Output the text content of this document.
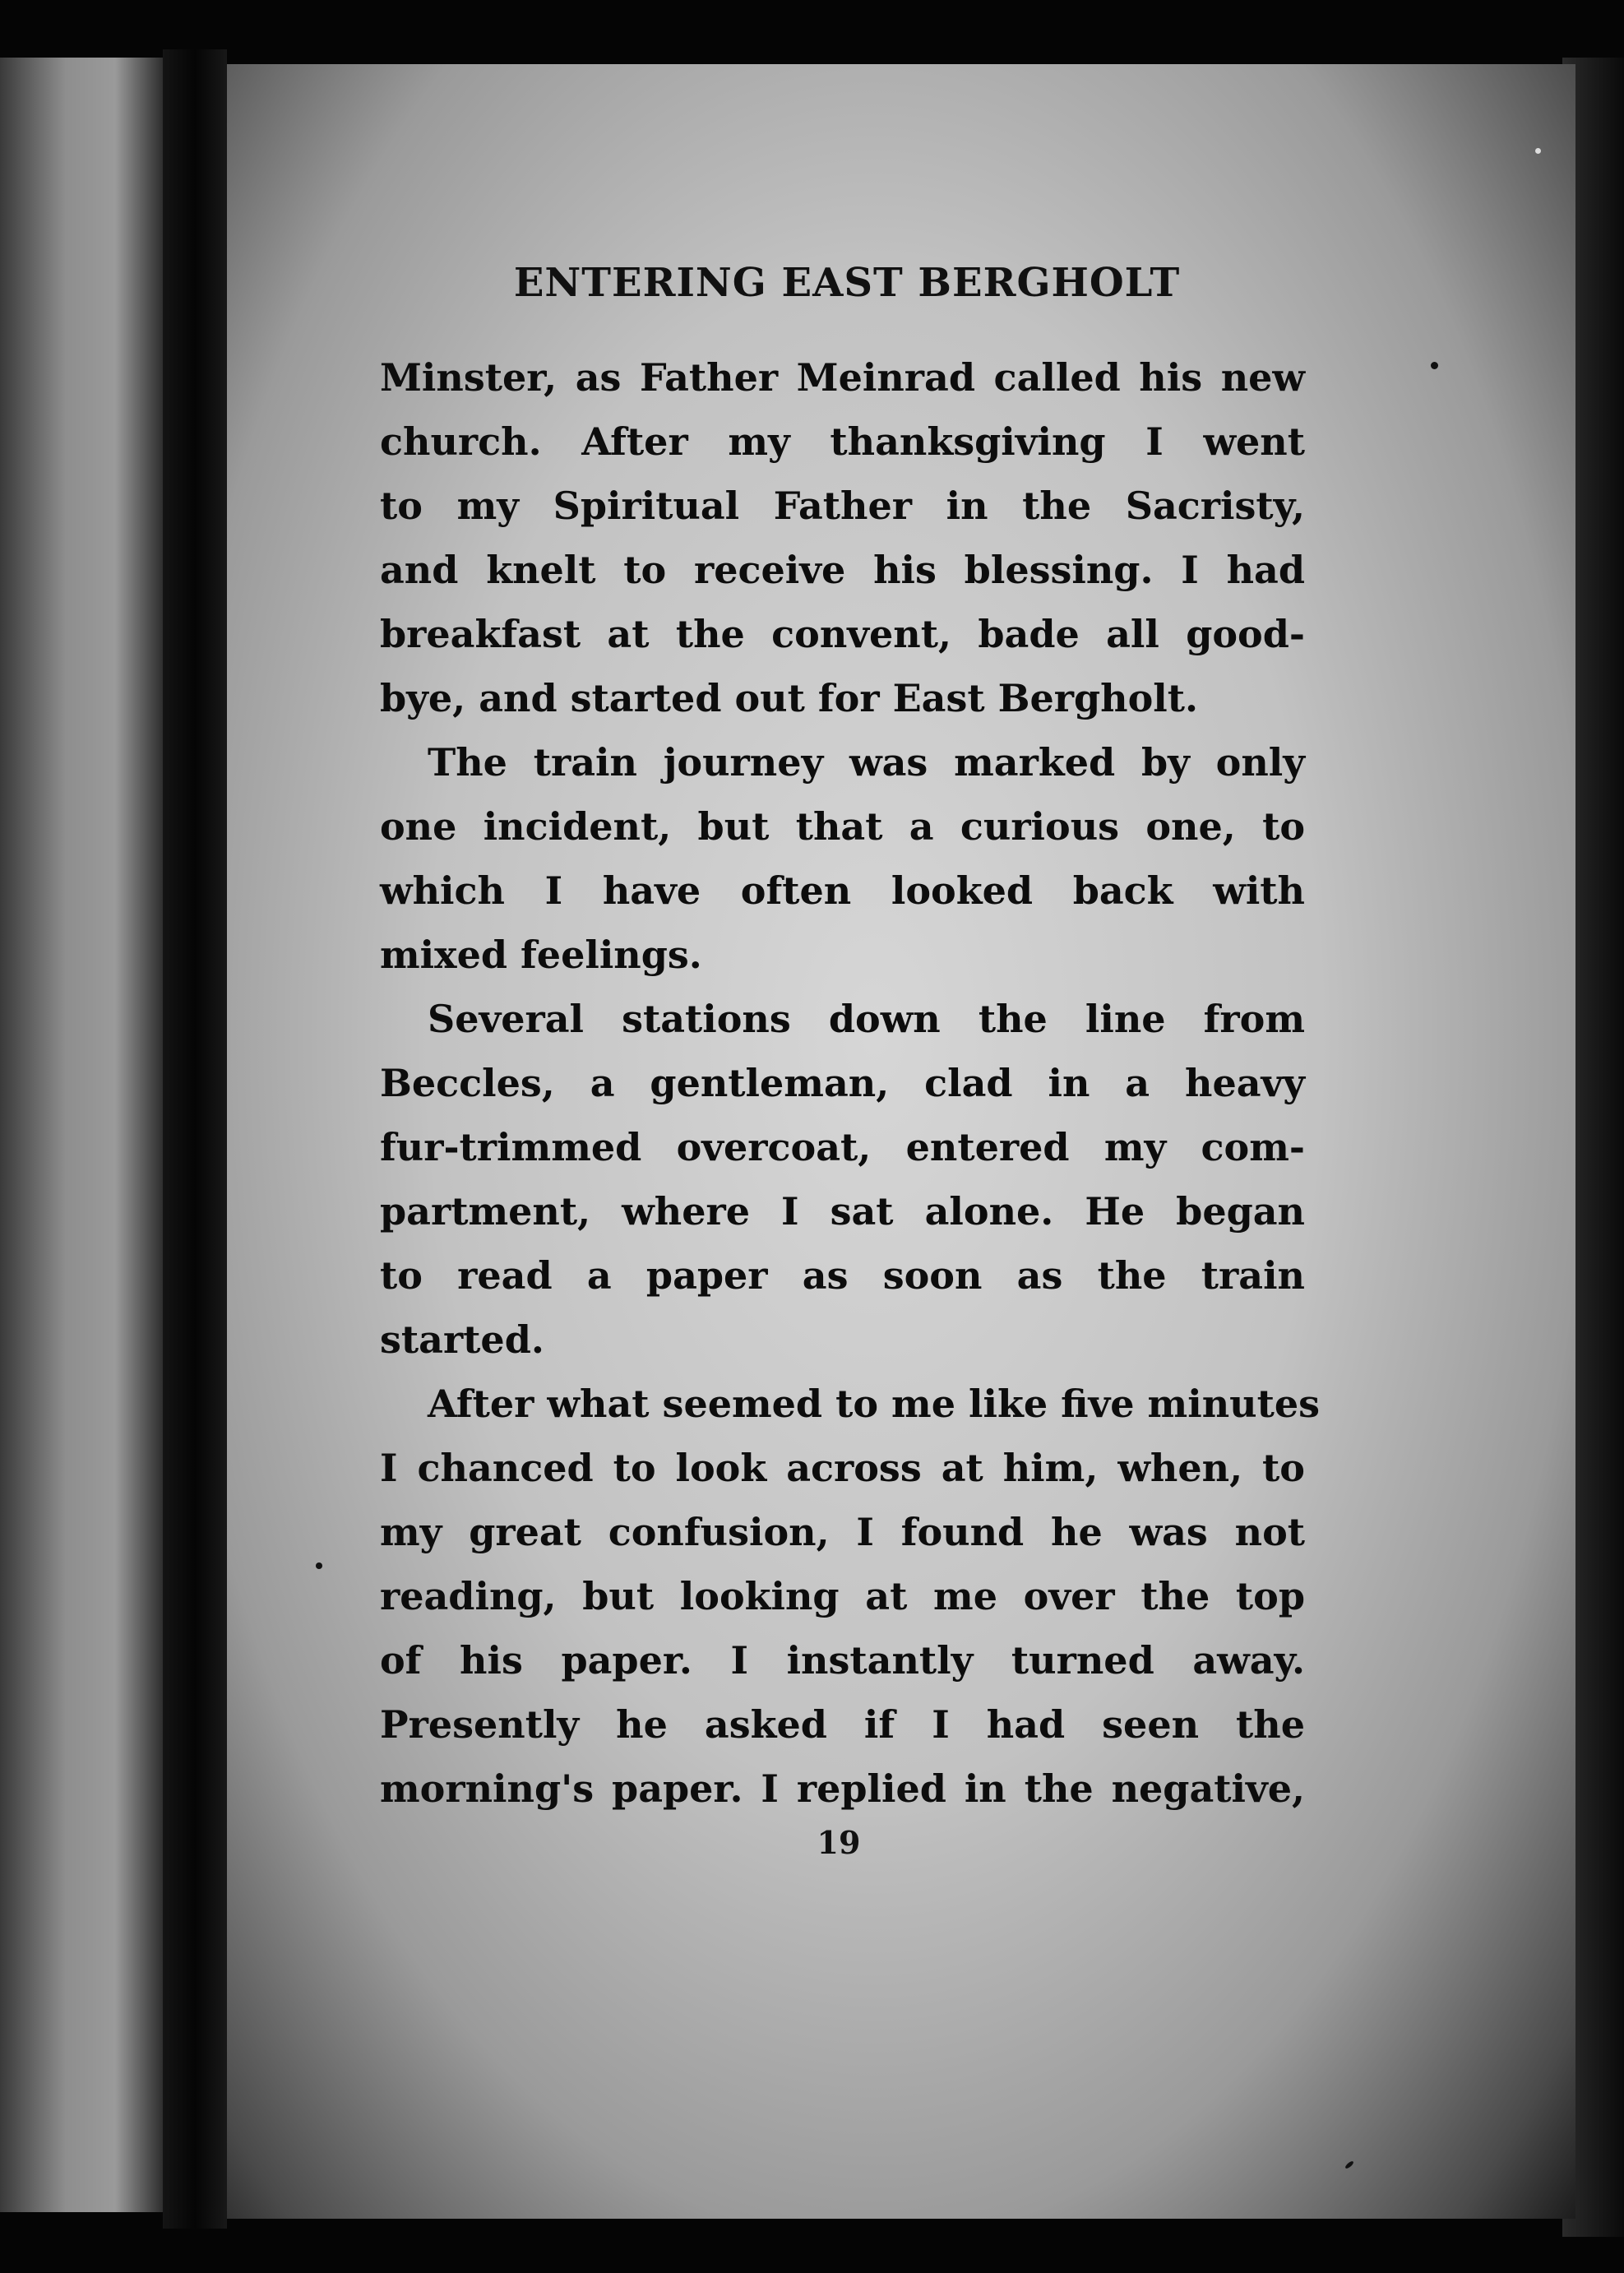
ENTERING EAST BERGHOLT
Minster, as Father Meinrad called his new
church. After my thanksgiving I went
to my Spiritual Father in the Sacristy,
and knelt to receive his blessing. I had
breakfast at the convent, bade all good-
bye, and started out for East Bergholt.
The train journey was marked by only
one incident, but that a curious one, to
which I have often looked back with
mixed feelings.
Several stations down the line from
Beccles, a gentleman, clad in a heavy
fur-trimmed overcoat, entered my com-
partment, where I sat alone. He began
to read a paper as soon as the train
started.
After what seemed to me like five minutes
I chanced to look across at him, when, to
my great confusion, I found he was not
reading, but looking at me over the top
of his paper. I instantly turned away.
Presently he asked if I had seen the
morning's paper. I replied in the negative,
19
